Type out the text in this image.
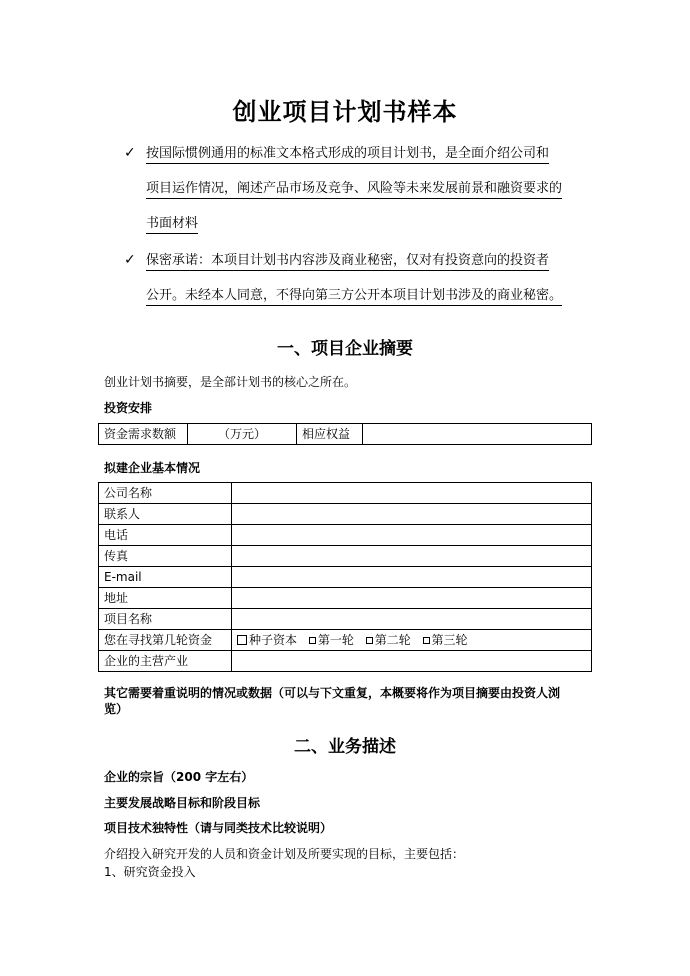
创业项目计划书样本
✓ 按国际惯例通用的标准文本格式形成的项目计划书，是全面介绍公司和
项目运作情况，阐述产品市场及竞争、风险等未来发展前景和融资要求的
书面材料
✓ 保密承诺：本项目计划书内容涉及商业秘密，仅对有投资意向的投资者
公开。未经本人同意，不得向第三方公开本项目计划书涉及的商业秘密。
一、项目企业摘要
创业计划书摘要，是全部计划书的核心之所在。
投资安排
资金需求数额	（万元）	相应权益	
拟建企业基本情况
公司名称	
联系人	
电话	
传真	
E-mail	
地址	
项目名称	
您在寻找第几轮资金	种子资本 第一轮 第二轮 第三轮
企业的主营产业	
其它需要着重说明的情况或数据（可以与下文重复，本概要将作为项目摘要由投资人浏
览）
二、业务描述
企业的宗旨（200 字左右）
主要发展战略目标和阶段目标
项目技术独特性（请与同类技术比较说明）
介绍投入研究开发的人员和资金计划及所要实现的目标，主要包括：
1、研究资金投入
